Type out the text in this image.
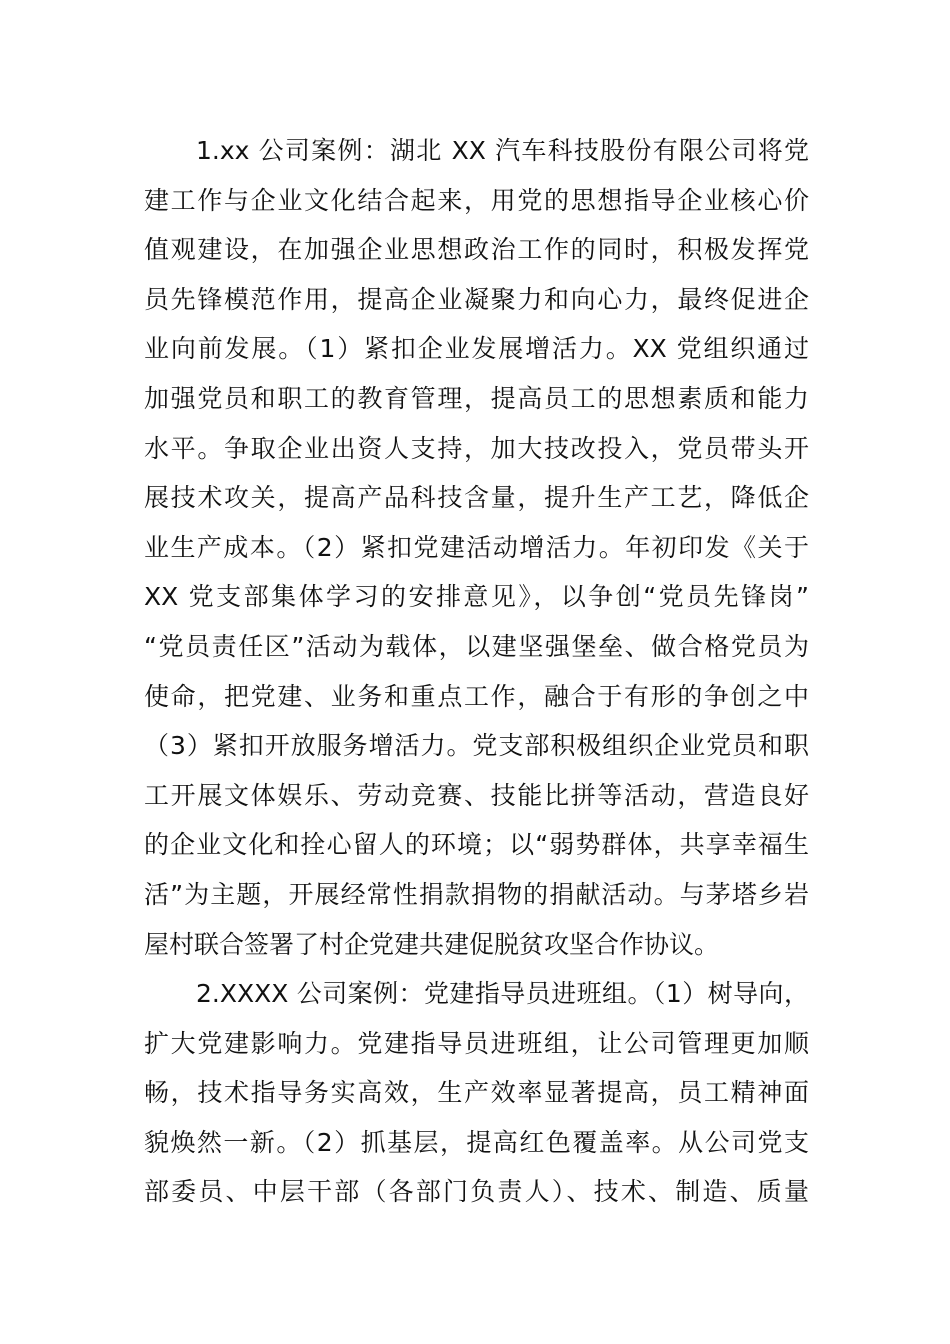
1.xx 公司案例：湖北 XX 汽车科技股份有限公司将党
建工作与企业文化结合起来，用党的思想指导企业核心价
值观建设，在加强企业思想政治工作的同时，积极发挥党
员先锋模范作用，提高企业凝聚力和向心力，最终促进企
业向前发展。（1）紧扣企业发展增活力。XX 党组织通过
加强党员和职工的教育管理，提高员工的思想素质和能力
水平。争取企业出资人支持，加大技改投入，党员带头开
展技术攻关，提高产品科技含量，提升生产工艺，降低企
业生产成本。（2）紧扣党建活动增活力。年初印发《关于
XX 党支部集体学习的安排意见》，以争创“党员先锋岗”
“党员责任区”活动为载体，以建坚强堡垒、做合格党员为
使命，把党建、业务和重点工作，融合于有形的争创之中
（3）紧扣开放服务增活力。党支部积极组织企业党员和职
工开展文体娱乐、劳动竞赛、技能比拼等活动，营造良好
的企业文化和拴心留人的环境；以“弱势群体，共享幸福生
活”为主题，开展经常性捐款捐物的捐献活动。与茅塔乡岩
屋村联合签署了村企党建共建促脱贫攻坚合作协议。
2.XXXX 公司案例：党建指导员进班组。（1）树导向，
扩大党建影响力。党建指导员进班组，让公司管理更加顺
畅，技术指导务实高效，生产效率显著提高，员工精神面
貌焕然一新。（2）抓基层，提高红色覆盖率。从公司党支
部委员、中层干部（各部门负责人）、技术、制造、质量
